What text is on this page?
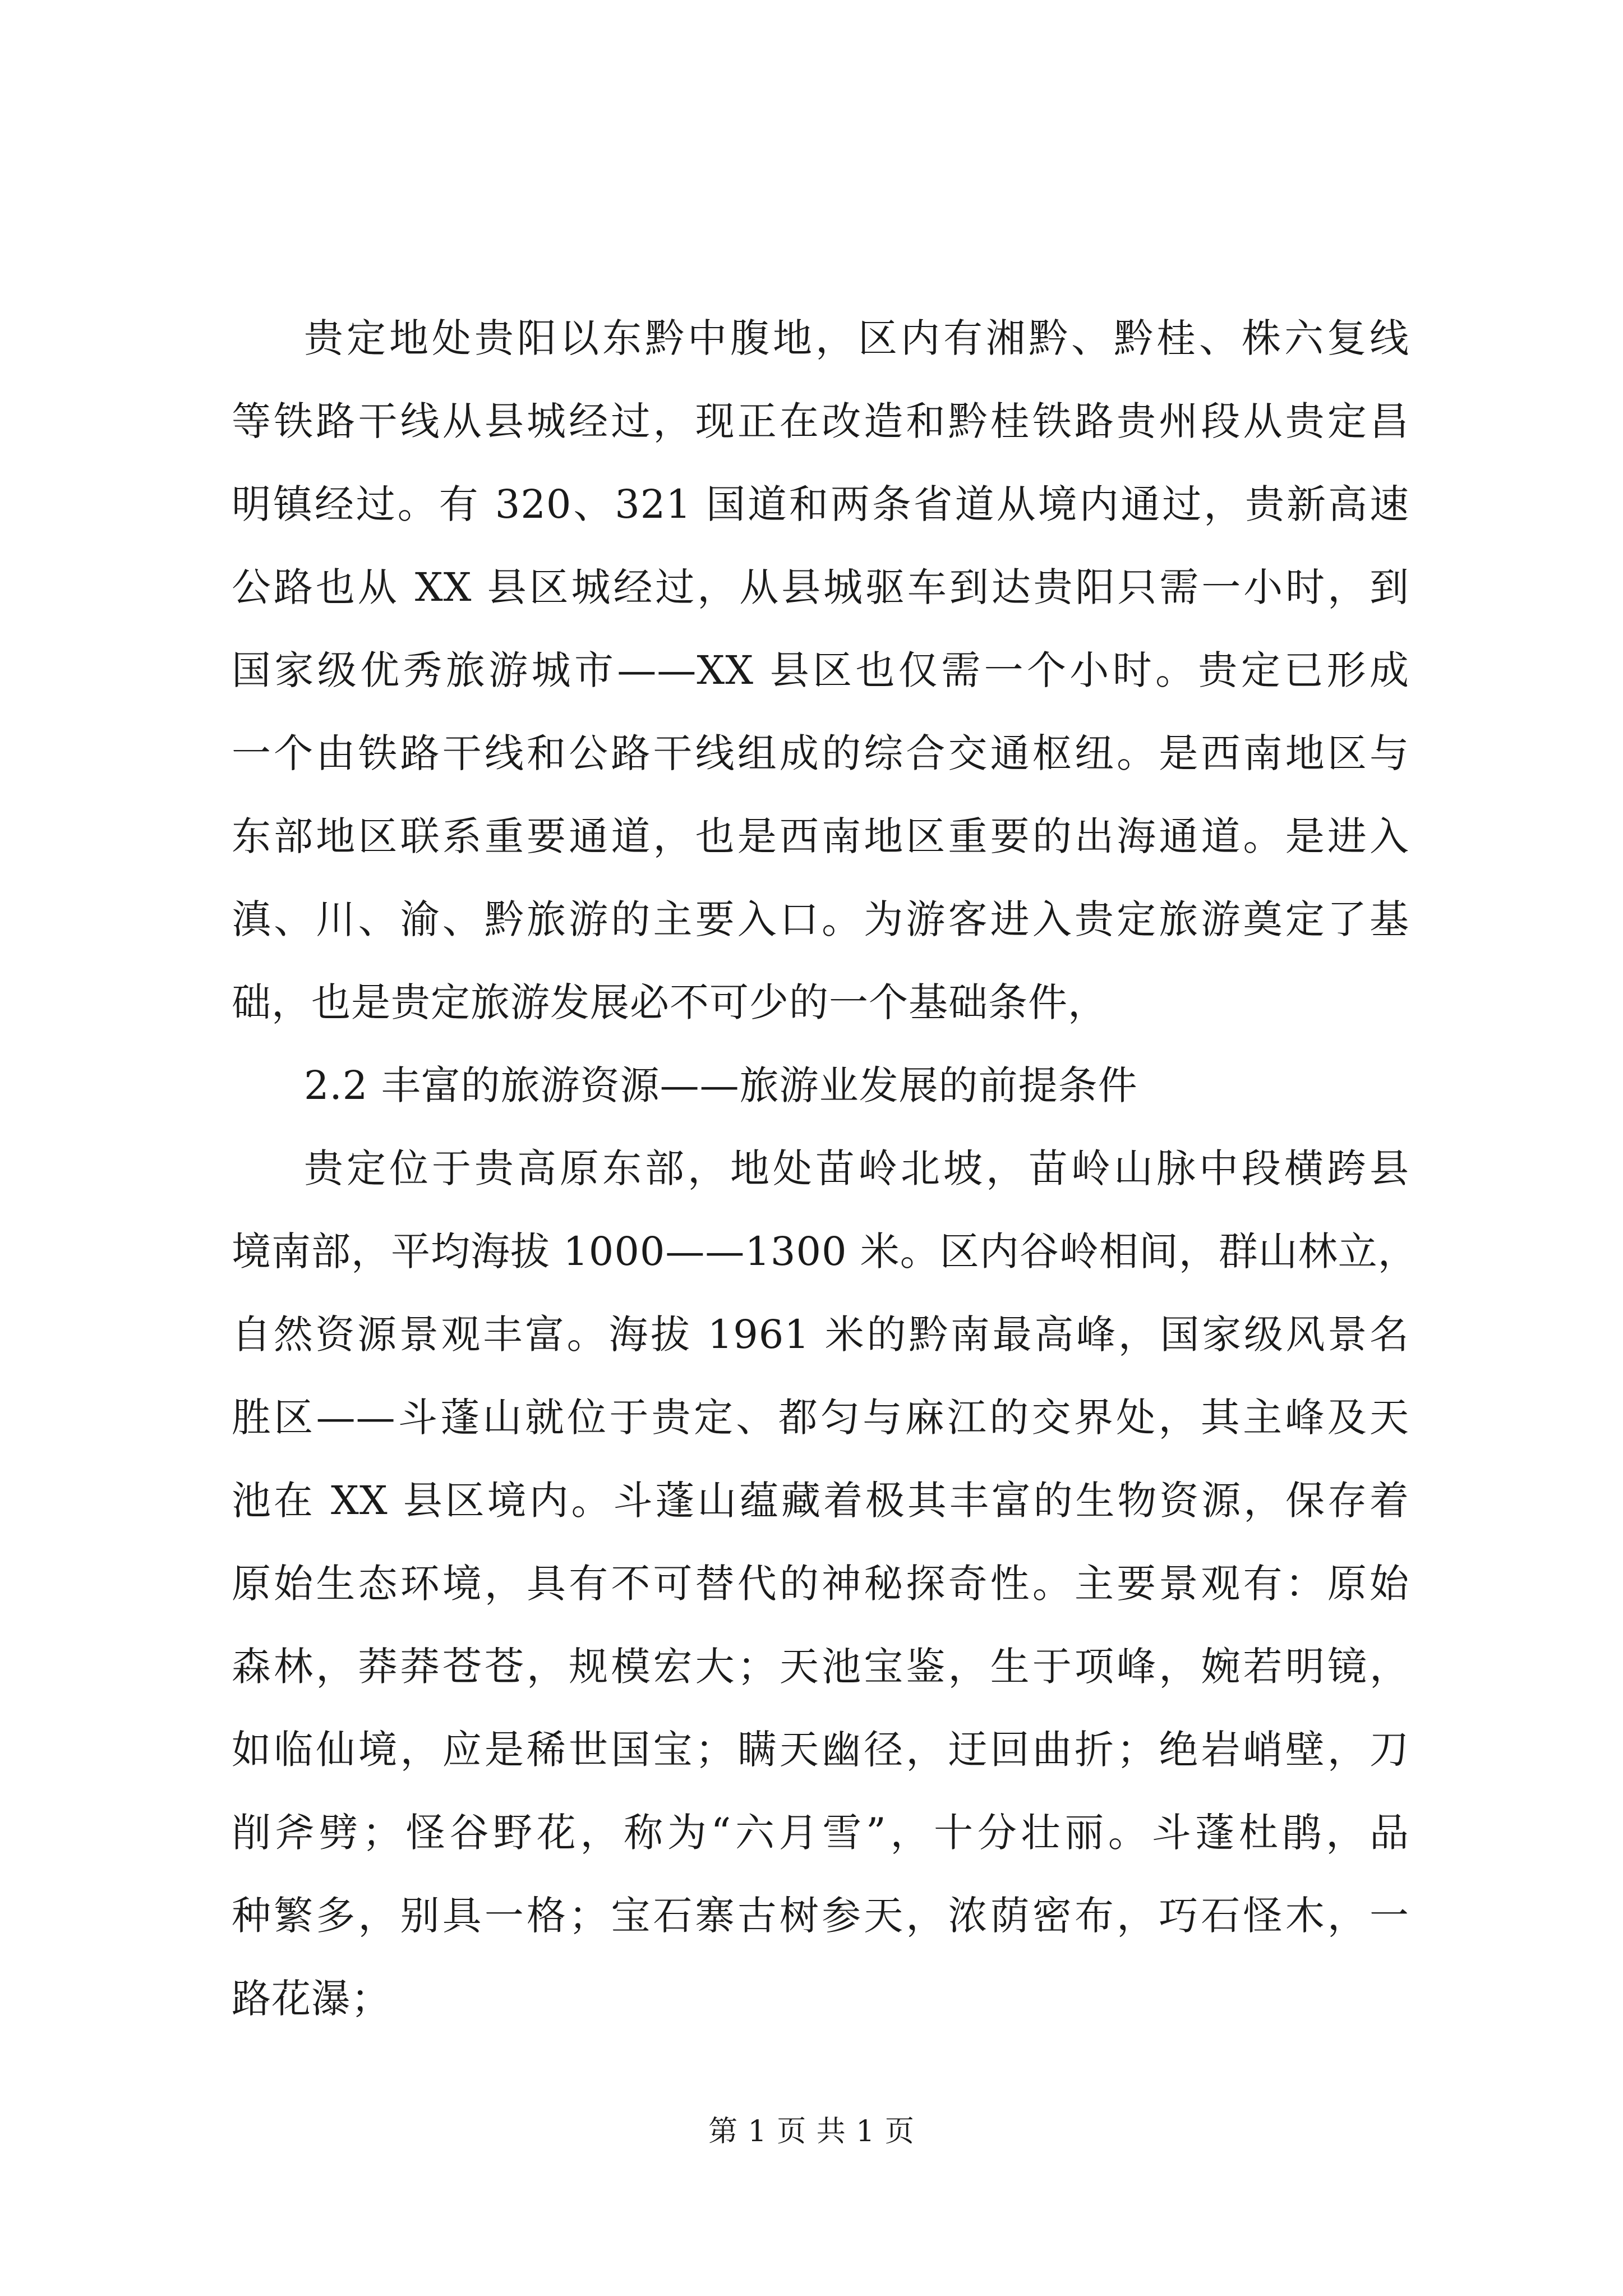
贵定地处贵阳以东黔中腹地，区内有湘黔、黔桂、株六复线
等铁路干线从县城经过，现正在改造和黔桂铁路贵州段从贵定昌
明镇经过。有 320、321 国道和两条省道从境内通过，贵新高速
公路也从 XX 县区城经过，从县城驱车到达贵阳只需一小时，到
国家级优秀旅游城市——XX 县区也仅需一个小时。贵定已形成
一个由铁路干线和公路干线组成的综合交通枢纽。是西南地区与
东部地区联系重要通道，也是西南地区重要的出海通道。是进入
滇、川、渝、黔旅游的主要入口。为游客进入贵定旅游奠定了基
础，也是贵定旅游发展必不可少的一个基础条件，
2.2 丰富的旅游资源——旅游业发展的前提条件
贵定位于贵高原东部，地处苗岭北坡，苗岭山脉中段横跨县
境南部，平均海拔 1000——1300 米。区内谷岭相间，群山林立，
自然资源景观丰富。海拔 1961 米的黔南最高峰，国家级风景名
胜区——斗蓬山就位于贵定、都匀与麻江的交界处，其主峰及天
池在 XX 县区境内。斗蓬山蕴藏着极其丰富的生物资源，保存着
原始生态环境，具有不可替代的神秘探奇性。主要景观有：原始
森林，莽莽苍苍，规模宏大；天池宝鉴，生于项峰，婉若明镜，
如临仙境，应是稀世国宝；瞒天幽径，迂回曲折；绝岩峭壁，刀
削斧劈；怪谷野花，称为“六月雪”，十分壮丽。斗蓬杜鹃，品
种繁多，别具一格；宝石寨古树参天，浓荫密布，巧石怪木，一
路花瀑；
第 1 页 共 1 页
